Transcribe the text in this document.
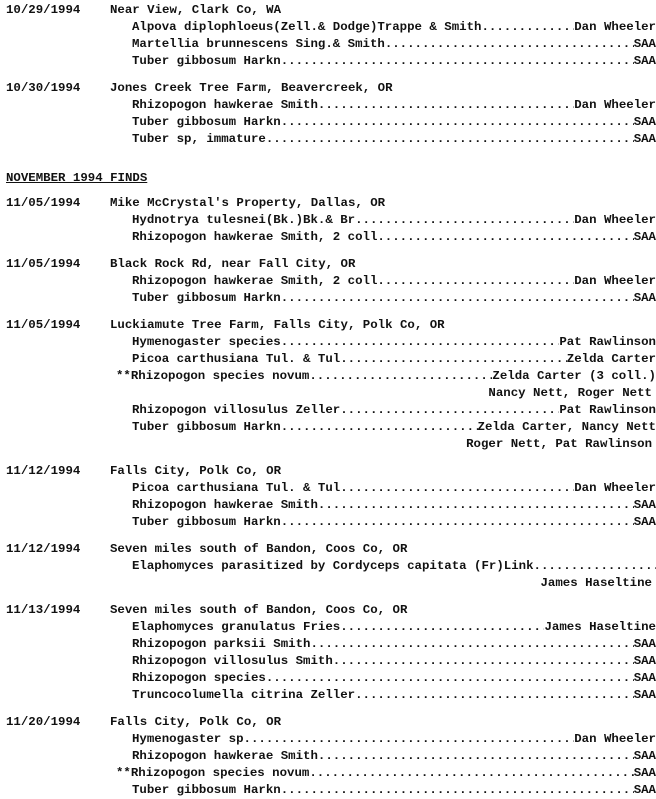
10/29/1994 Near View, Clark Co, WA
Alpova diplophloeus(Zell.& Dodge)Trappe & Smith .....	Dan Wheeler
Martellia brunnescens Sing.& Smith .....	SAA
Tuber gibbosum Harkn .....	SAA
10/30/1994 Jones Creek Tree Farm, Beavercreek, OR
Rhizopogon hawkerae Smith .....	Dan Wheeler
Tuber gibbosum Harkn .....	SAA
Tuber sp, immature .....	SAA
NOVEMBER 1994 FINDS
11/05/1994 Mike McCrystal's Property, Dallas, OR
Hydnotrya tulesnei(Bk.)Bk.& Br .....	Dan Wheeler
Rhizopogon hawkerae Smith, 2 coll .....	SAA
11/05/1994 Black Rock Rd, near Fall City, OR
Rhizopogon hawkerae Smith, 2 coll .....	Dan Wheeler
Tuber gibbosum Harkn .....	SAA
11/05/1994 Luckiamute Tree Farm, Falls City, Polk Co, OR
Hymenogaster species .....	Pat Rawlinson
Picoa carthusiana Tul. & Tul .....	Zelda Carter
** Rhizopogon species novum .....	Zelda Carter (3 coll.)
Nancy Nett, Roger Nett
Rhizopogon villosulus Zeller .....	Pat Rawlinson
Tuber gibbosum Harkn .....	Zelda Carter, Nancy Nett
Roger Nett, Pat Rawlinson
11/12/1994 Falls City, Polk Co, OR
Picoa carthusiana Tul. & Tul .....	Dan Wheeler
Rhizopogon hawkerae Smith .....	SAA
Tuber gibbosum Harkn .....	SAA
11/12/1994 Seven miles south of Bandon, Coos Co, OR
Elaphomyces parasitized by Cordyceps capitata (Fr)Link
.....
James Haseltine
11/13/1994 Seven miles south of Bandon, Coos Co, OR
Elaphomyces granulatus Fries .....	James Haseltine
Rhizopogon parksii Smith .....	SAA
Rhizopogon villosulus Smith .....	SAA
Rhizopogon species .....	SAA
Truncocolumella citrina Zeller .....	SAA
11/20/1994 Falls City, Polk Co, OR
Hymenogaster sp .....	Dan Wheeler
Rhizopogon hawkerae Smith .....	SAA
** Rhizopogon species novum .....	SAA
Tuber gibbosum Harkn .....	SAA
